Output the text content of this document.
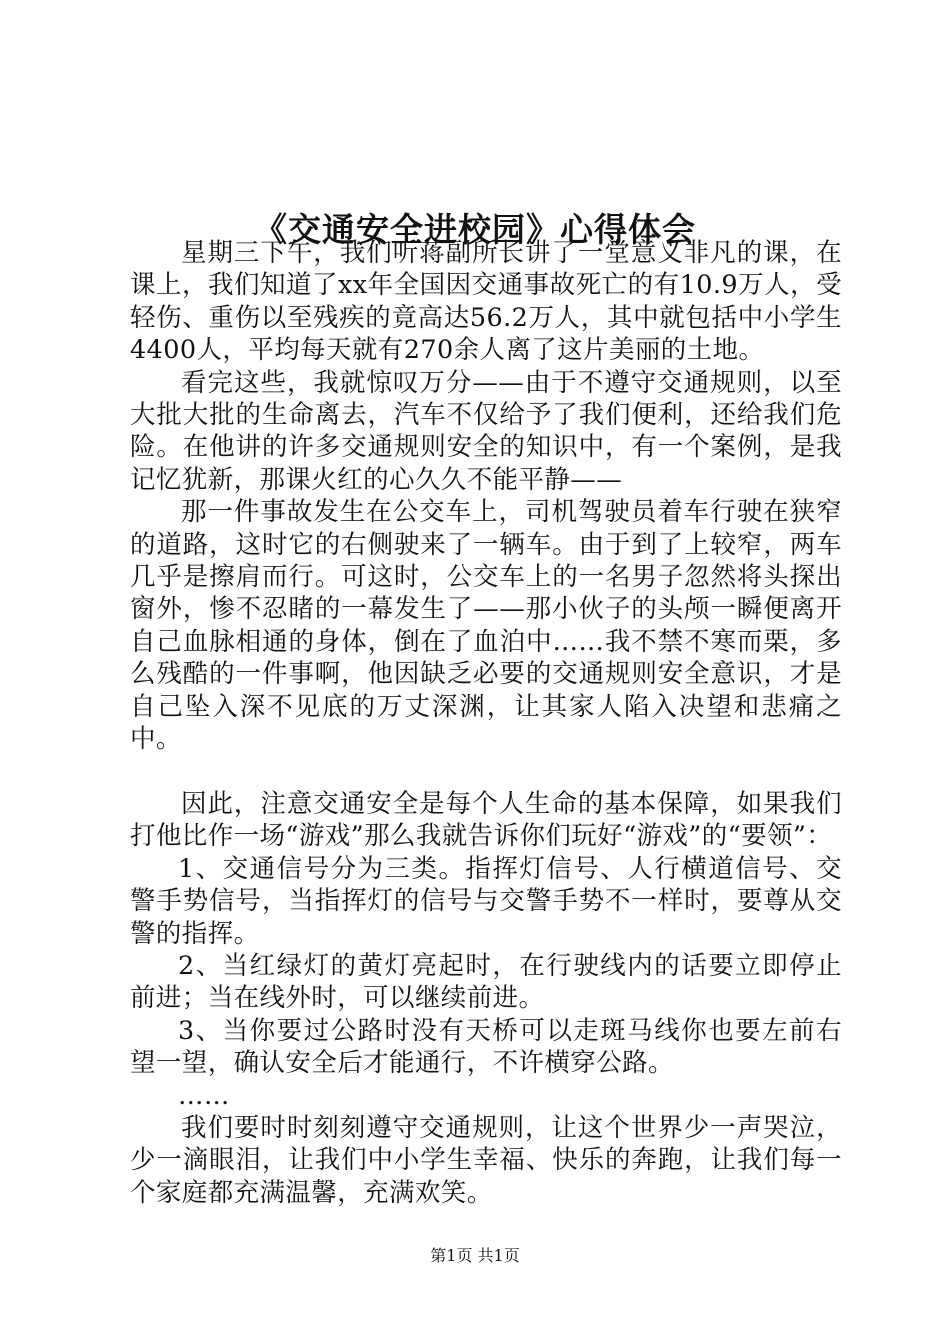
《交通安全进校园》心得体会

星期三下午，我们听蒋副所长讲了一堂意义非凡的课，在课上，我们知道了xx年全国因交通事故死亡的有10.9万人，受轻伤、重伤以至残疾的竟高达56.2万人，其中就包括中小学生4400人，平均每天就有270余人离了这片美丽的土地。

看完这些，我就惊叹万分——由于不遵守交通规则，以至大批大批的生命离去，汽车不仅给予了我们便利，还给我们危险。在他讲的许多交通规则安全的知识中，有一个案例，是我记忆犹新，那课火红的心久久不能平静——

那一件事故发生在公交车上，司机驾驶员着车行驶在狭窄的道路，这时它的右侧驶来了一辆车。由于到了上较窄，两车几乎是擦肩而行。可这时，公交车上的一名男子忽然将头探出窗外，惨不忍睹的一幕发生了——那小伙子的头颅一瞬便离开自己血脉相通的身体，倒在了血泊中……我不禁不寒而栗，多么残酷的一件事啊，他因缺乏必要的交通规则安全意识，才是自己坠入深不见底的万丈深渊，让其家人陷入决望和悲痛之中。

因此，注意交通安全是每个人生命的基本保障，如果我们打他比作一场“游戏”那么我就告诉你们玩好“游戏”的“要领”：

1、交通信号分为三类。指挥灯信号、人行横道信号、交警手势信号，当指挥灯的信号与交警手势不一样时，要尊从交警的指挥。

2、当红绿灯的黄灯亮起时，在行驶线内的话要立即停止前进；当在线外时，可以继续前进。

3、当你要过公路时没有天桥可以走斑马线你也要左前右望一望，确认安全后才能通行，不许横穿公路。

……

我们要时时刻刻遵守交通规则，让这个世界少一声哭泣，少一滴眼泪，让我们中小学生幸福、快乐的奔跑，让我们每一个家庭都充满温馨，充满欢笑。

第1页 共1页
